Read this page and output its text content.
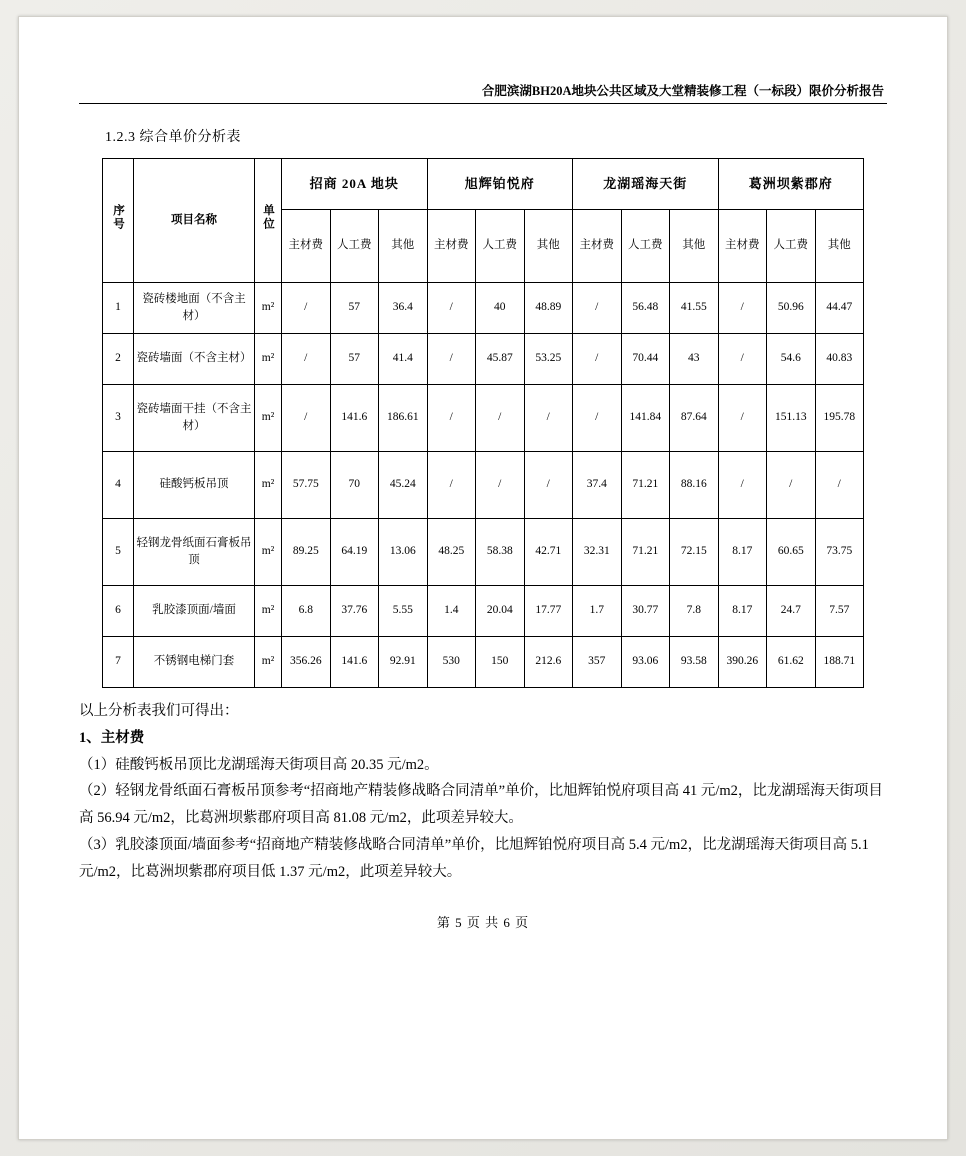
合肥滨湖BH20A地块公共区域及大堂精装修工程（一标段）限价分析报告
1.2.3 综合单价分析表
序号	项目名称	单位	招商 20A 地块			旭辉铂悦府			龙湖瑶海天街			葛洲坝紫郡府		
			主材费	人工费	其他	主材费	人工费	其他	主材费	人工费	其他	主材费	人工费	其他
1	瓷砖楼地面（不含主材）	m²	/	57	36.4	/	40	48.89	/	56.48	41.55	/	50.96	44.47
2	瓷砖墙面（不含主材）	m²	/	57	41.4	/	45.87	53.25	/	70.44	43	/	54.6	40.83
3	瓷砖墙面干挂（不含主材）	m²	/	141.6	186.61	/	/	/	/	141.84	87.64	/	151.13	195.78
4	硅酸钙板吊顶	m²	57.75	70	45.24	/	/	/	37.4	71.21	88.16	/	/	/
5	轻钢龙骨纸面石膏板吊顶	m²	89.25	64.19	13.06	48.25	58.38	42.71	32.31	71.21	72.15	8.17	60.65	73.75
6	乳胶漆顶面/墙面	m²	6.8	37.76	5.55	1.4	20.04	17.77	1.7	30.77	7.8	8.17	24.7	7.57
7	不锈钢电梯门套	m²	356.26	141.6	92.91	530	150	212.6	357	93.06	93.58	390.26	61.62	188.71

以上分析表我们可得出：

1、主材费

（1）硅酸钙板吊顶比龙湖瑶海天街项目高 20.35 元/m2。

（2）轻钢龙骨纸面石膏板吊顶参考“招商地产精装修战略合同清单”单价，比旭辉铂悦府项目高 41 元/m2，比龙湖瑶海天街项目高 56.94 元/m2，比葛洲坝紫郡府项目高 81.08 元/m2，此项差异较大。

（3）乳胶漆顶面/墙面参考“招商地产精装修战略合同清单”单价，比旭辉铂悦府项目高 5.4 元/m2，比龙湖瑶海天街项目高 5.1 元/m2，比葛洲坝紫郡府项目低 1.37 元/m2，此项差异较大。

第 5 页 共 6 页
